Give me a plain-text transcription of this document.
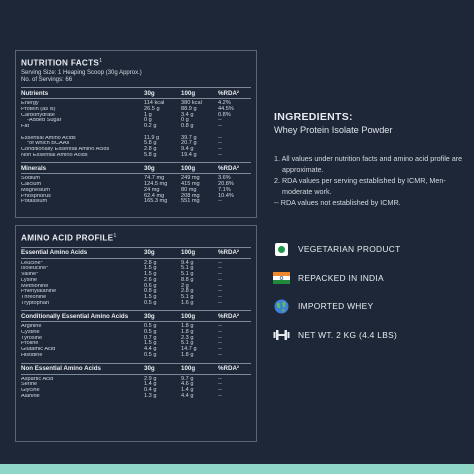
NUTRITION FACTS$^1$
Serving Size: 1 Heaping Scoop (30g Approx.)
No. of Servings: 66
Nutrients	30g	100g	%RDA²
Energy	114 kcal	380 kcal	4.2%
Protein (as is)	26.5 g	88.9 g	44.5%
Carbohydrate	1 g	3.4 g	0.8%
-Added Sugar	0 g	0 g	--
Fat	0.2 g	0.8 g	--
Essential Amino Acids	11.9 g	39.7 g	--
*of which BCAAs	5.8 g	20.7 g	--
Conditionally Essential Amino Acids	2.8 g	9.4 g	--
Non Essential Amino Acids	5.8 g	19.4 g	--
Minerals	30g	100g	%RDA²
Sodium	74.7 mg	249 mg	3.6%
Calcium	124.5 mg	415 mg	20.8%
Magnesium	24 mg	80 mg	7.1%
Phosphorus	62.4 mg	208 mg	10.4%
Potassium	165.3 mg	551 mg	--
AMINO ACID PROFILE$^1$
Essential Amino Acids	30g	100g	%RDA²
Leucine*	2.8 g	9.4 g	--
Isoleucine*	1.5 g	5.1 g	--
Valine*	1.5 g	5.1 g	--
Lysine	2.6 g	8.8 g	--
Methionine	0.6 g	2 g	--
Phenylalanine	0.8 g	2.8 g	--
Threonine	1.5 g	5.1 g	--
Tryptophan	0.5 g	1.6 g	--
Conditionally Essential Amino Acids	30g	100g	%RDA²
Arginine	0.5 g	1.8 g	--
Cystine	0.5 g	1.8 g	--
Tyrosine	0.7 g	2.3 g	--
Proline	1.5 g	5.1 g	--
Glutamic Acid	4.4 g	14.7 g	--
Histidine	0.5 g	1.8 g	--
Non Essential Amino Acids	30g	100g	%RDA²
Aspartic Acid	2.9 g	9.7 g	--
Serine	1.4 g	4.6 g	--
Glycine	0.4 g	1.4 g	--
Alanine	1.3 g	4.4 g	--
INGREDIENTS:
Whey Protein Isolate Powder

1. All values under nutrition facts and amino acid profile are approximate.

2. RDA values per serving established by ICMR, Men-moderate work.

-- RDA values not established by ICMR.

VEGETARIAN PRODUCT
REPACKED IN INDIA
IMPORTED WHEY
NET WT. 2 KG (4.4 LBS)
